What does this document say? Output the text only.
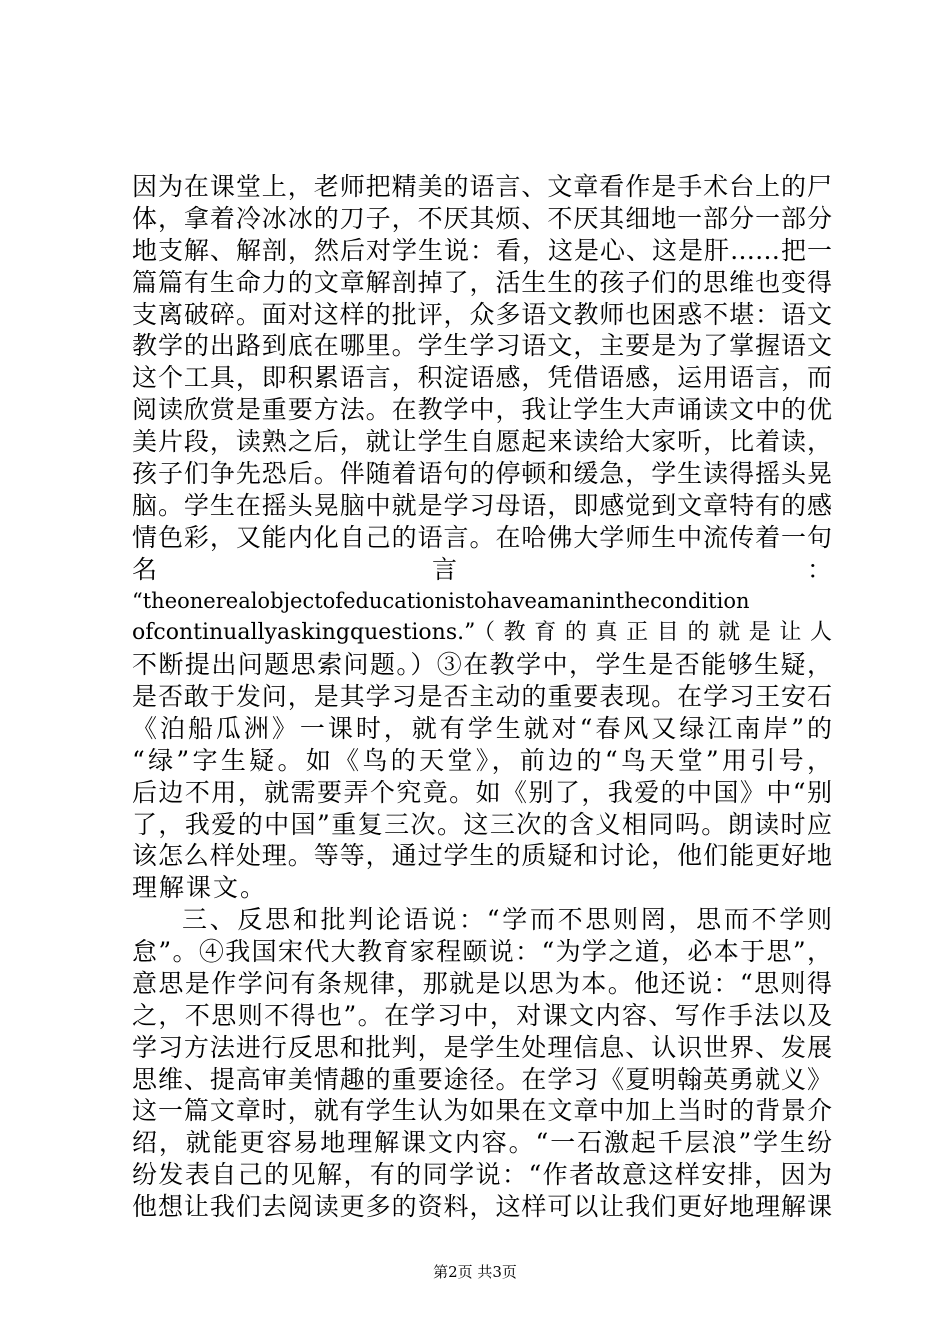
因为在课堂上，老师把精美的语言、文章看作是手术台上的尸
体，拿着冷冰冰的刀子，不厌其烦、不厌其细地一部分一部分
地支解、解剖，然后对学生说：看，这是心、这是肝……把一
篇篇有生命力的文章解剖掉了，活生生的孩子们的思维也变得
支离破碎。面对这样的批评，众多语文教师也困惑不堪：语文
教学的出路到底在哪里。学生学习语文，主要是为了掌握语文
这个工具，即积累语言，积淀语感，凭借语感，运用语言，而
阅读欣赏是重要方法。在教学中，我让学生大声诵读文中的优
美片段，读熟之后，就让学生自愿起来读给大家听，比着读，
孩子们争先恐后。伴随着语句的停顿和缓急，学生读得摇头晃
脑。学生在摇头晃脑中就是学习母语，即感觉到文章特有的感
情色彩，又能内化自己的语言。在哈佛大学师生中流传着一句
名　　　　　　　　　　　言　　　　　　　　　　　　　　：
“theonerealobjectofeducationistohaveamaninthecondition
ofcontinuallyaskingquestions.”（教育的真正目的就是让人
不断提出问题思索问题。）③在教学中，学生是否能够生疑，
是否敢于发问，是其学习是否主动的重要表现。在学习王安石
《泊船瓜洲》一课时，就有学生就对“春风又绿江南岸”的
“绿”字生疑。如《鸟的天堂》，前边的“鸟天堂”用引号，
后边不用，就需要弄个究竟。如《别了，我爱的中国》中“别
了，我爱的中国”重复三次。这三次的含义相同吗。朗读时应
该怎么样处理。等等，通过学生的质疑和讨论，他们能更好地
理解课文。
三、反思和批判论语说：“学而不思则罔，思而不学则
怠”。④我国宋代大教育家程颐说：“为学之道，必本于思”，
意思是作学问有条规律，那就是以思为本。他还说：“思则得
之，不思则不得也”。在学习中，对课文内容、写作手法以及
学习方法进行反思和批判，是学生处理信息、认识世界、发展
思维、提高审美情趣的重要途径。在学习《夏明翰英勇就义》
这一篇文章时，就有学生认为如果在文章中加上当时的背景介
绍，就能更容易地理解课文内容。“一石激起千层浪”学生纷
纷发表自己的见解，有的同学说：“作者故意这样安排，因为
他想让我们去阅读更多的资料，这样可以让我们更好地理解课
第2页 共3页
